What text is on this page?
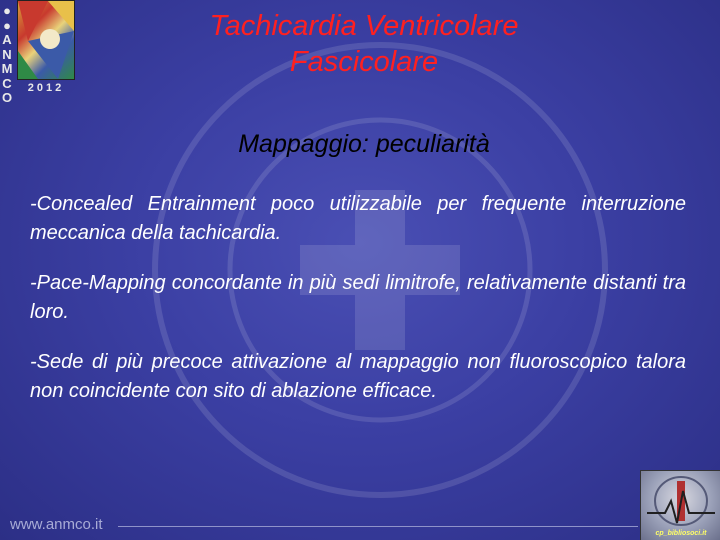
●
●
A
N
M
C
O
2012
Tachicardia Ventricolare
Fascicolare
Mappaggio: peculiarità
-Concealed Entrainment poco utilizzabile per frequente interruzione meccanica della tachicardia.
-Pace-Mapping concordante in più sedi limitrofe, relativamente distanti tra loro.
-Sede di più precoce attivazione al mappaggio non fluoroscopico talora non coincidente con sito di ablazione efficace.
www.anmco.it
cp_bibliosoci.it
